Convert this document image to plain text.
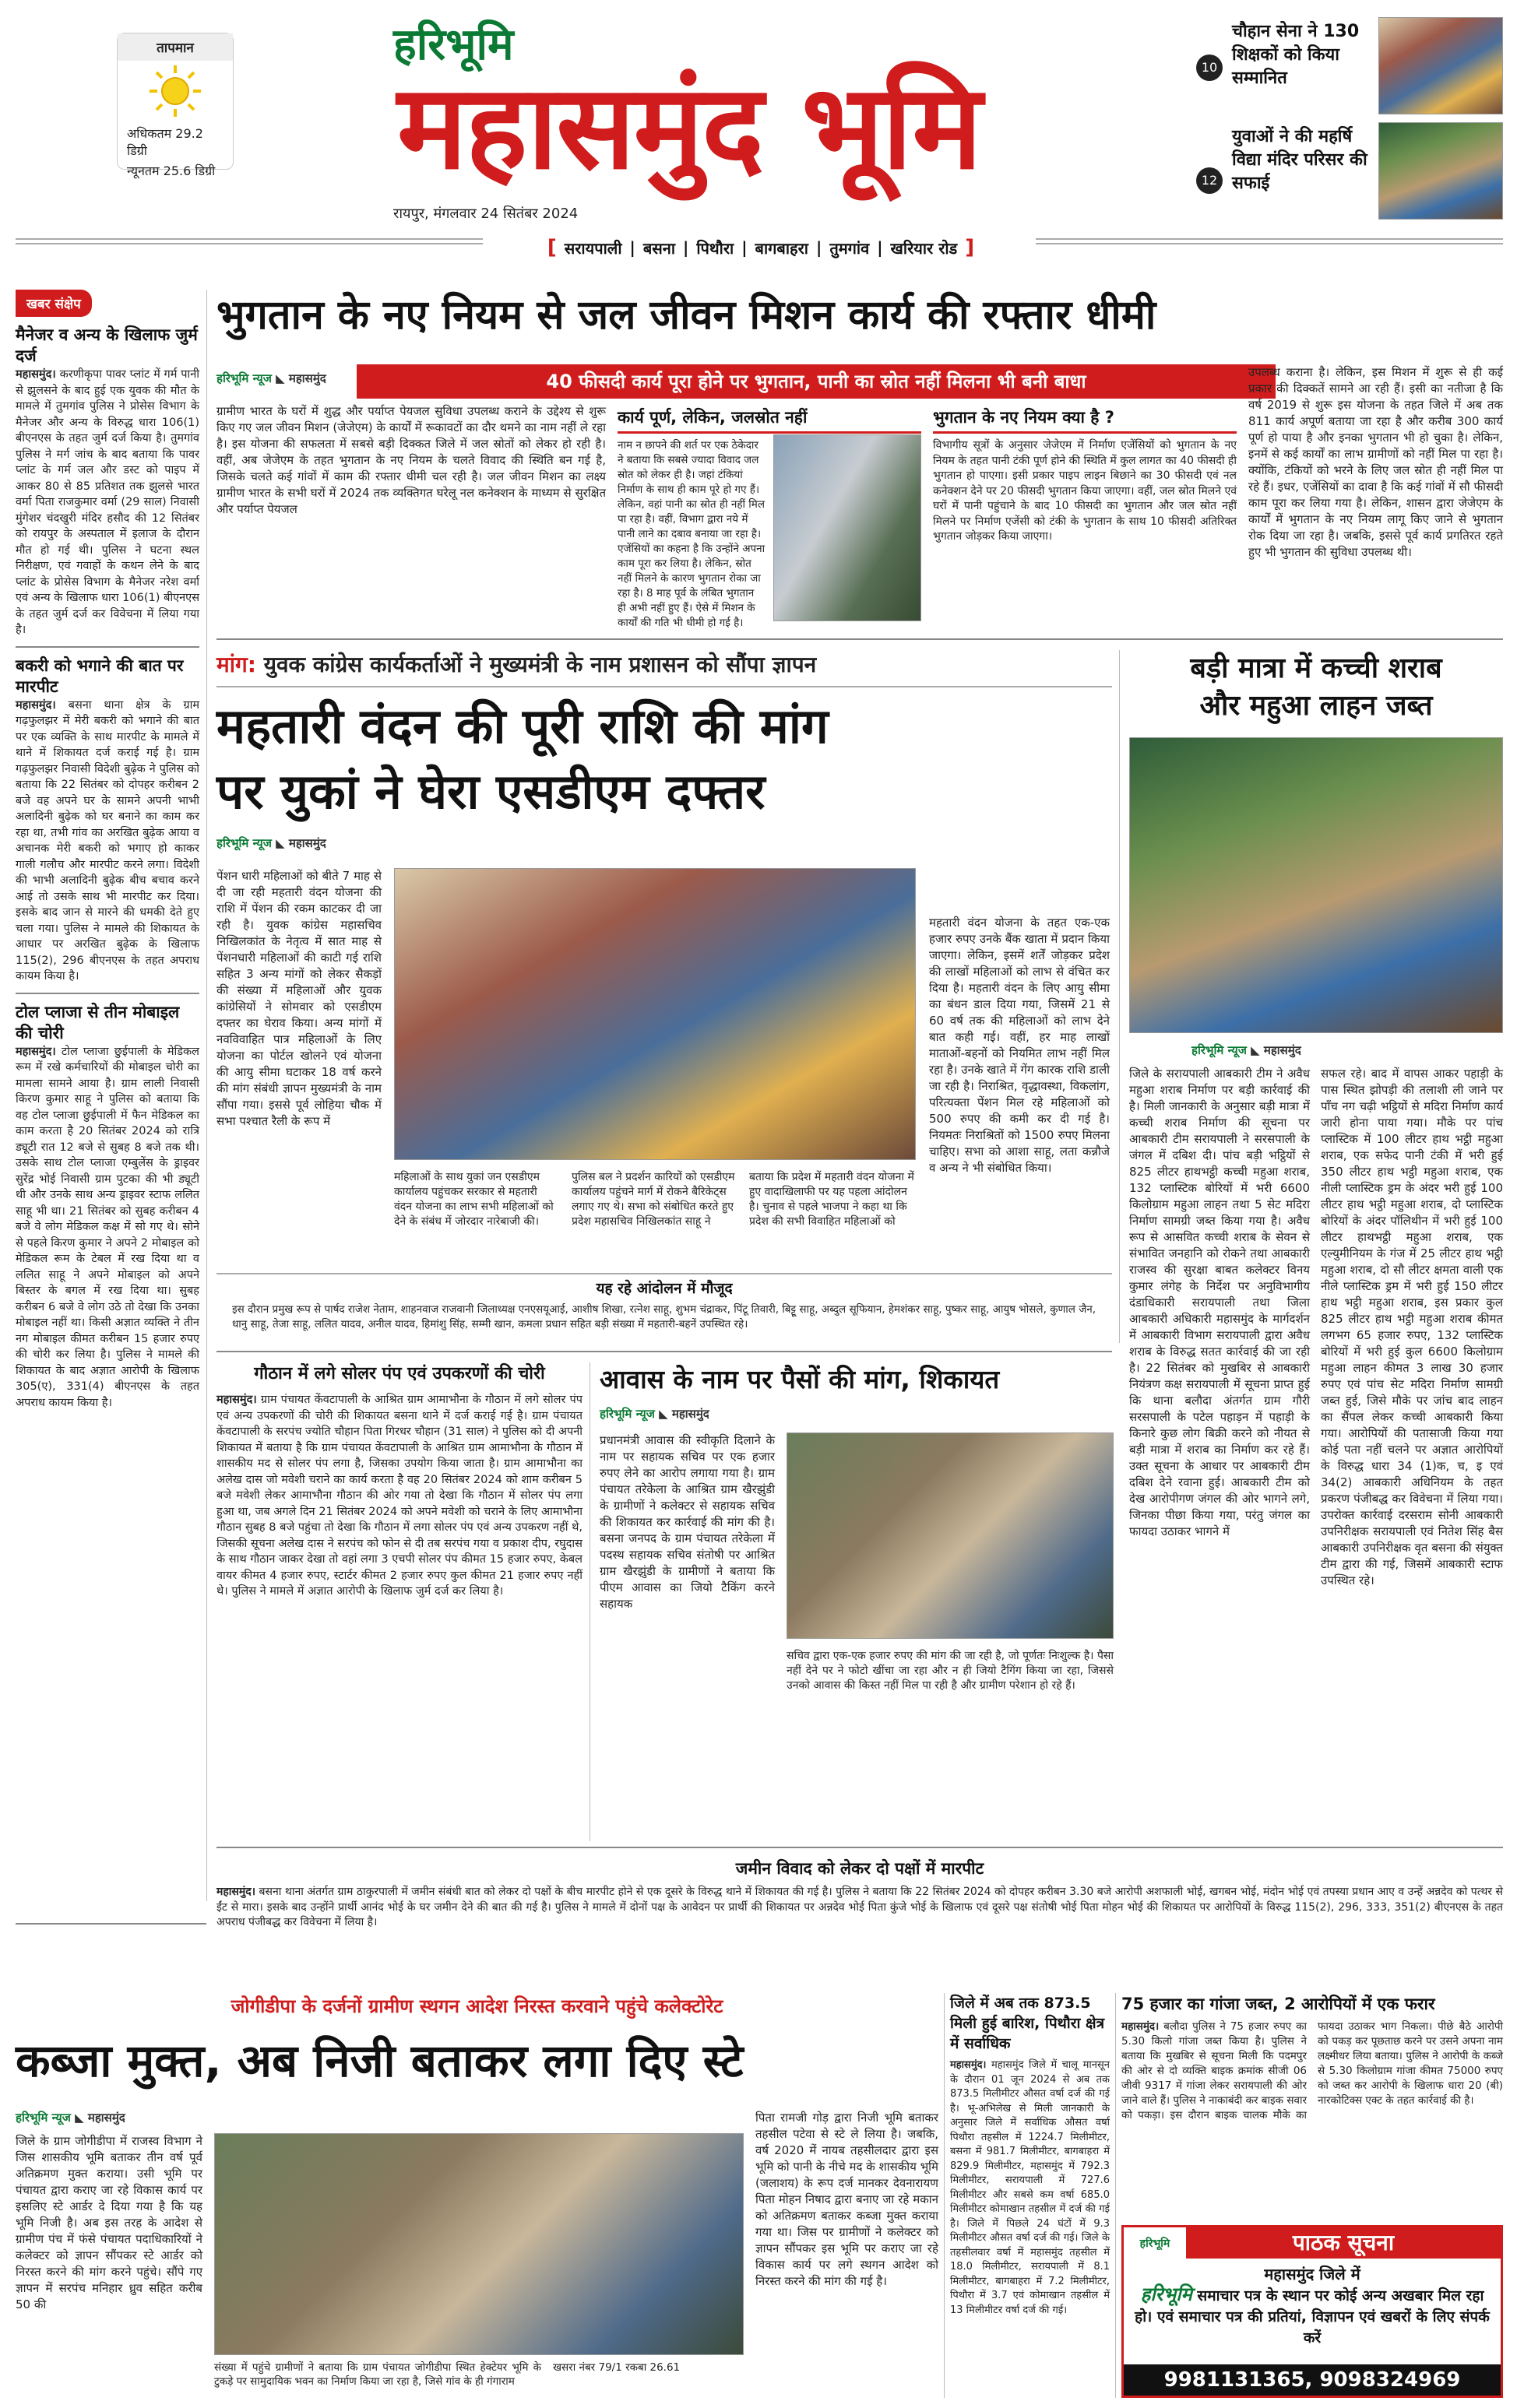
तापमान
अधिकतम 29.2 डिग्री
न्यूनतम 25.6 डिग्री
हरिभूमि
महासमुंद भूमि
रायपुर, मंगलवार 24 सितंबर 2024
10
चौहान सेना ने 130 शिक्षकों को किया सम्मानित
12
युवाओं ने की महर्षि विद्या मंदिर परिसर की सफाई
[ सरायपाली | बसना | पिथौरा | बागबाहरा | तुमगांव | खरियार रोड ]
खबर संक्षेप
मैनेजर व अन्य के खिलाफ जुर्म दर्ज
महासमुंद। करणीकृपा पावर प्लांट में गर्म पानी से झुलसने के बाद हुई एक युवक की मौत के मामले में तुमगांव पुलिस ने प्रोसेस विभाग के मैनेजर और अन्य के विरुद्ध धारा 106(1) बीएनएस के तहत जुर्म दर्ज किया है। तुमगांव पुलिस ने मर्ग जांच के बाद बताया कि पावर प्लांट के गर्म जल और डस्ट को पाइप में आकर 80 से 85 प्रतिशत तक झुलसे भारत वर्मा पिता राजकुमार वर्मा (29 साल) निवासी मुंगेशर चंदखुरी मंदिर हसौद की 12 सितंबर को रायपुर के अस्पताल में इलाज के दौरान मौत हो गई थी। पुलिस ने घटना स्थल निरीक्षण, एवं गवाहों के कथन लेने के बाद प्लांट के प्रोसेस विभाग के मैनेजर नरेश वर्मा एवं अन्य के खिलाफ धारा 106(1) बीएनएस के तहत जुर्म दर्ज कर विवेचना में लिया गया है।
बकरी को भगाने की बात पर मारपीट
महासमुंद। बसना थाना क्षेत्र के ग्राम गढ़फुलझर में मेरी बकरी को भगाने की बात पर एक व्यक्ति के साथ मारपीट के मामले में थाने में शिकायत दर्ज कराई गई है। ग्राम गढ़फुलझर निवासी विदेशी बुढ़ेक ने पुलिस को बताया कि 22 सितंबर को दोपहर करीबन 2 बजे वह अपने घर के सामने अपनी भाभी अलादिनी बुढ़ेक को घर बनाने का काम कर रहा था, तभी गांव का अरखित बुढ़ेक आया व अचानक मेरी बकरी को भगाए हो काकर गाली गलौच और मारपीट करने लगा। विदेशी की भाभी अलादिनी बुढ़ेक बीच बचाव करने आई तो उसके साथ भी मारपीट कर दिया। इसके बाद जान से मारने की धमकी देते हुए चला गया। पुलिस ने मामले की शिकायत के आधार पर अरखित बुढ़ेक के खिलाफ 115(2), 296 बीएनएस के तहत अपराध कायम किया है।
टोल प्लाजा से तीन मोबाइल की चोरी
महासमुंद। टोल प्लाजा छुईपाली के मेडिकल रूम में रखे कर्मचारियों की मोबाइल चोरी का मामला सामने आया है। ग्राम लाली निवासी किरण कुमार साहू ने पुलिस को बताया कि वह टोल प्लाजा छुईपाली में फैन मेडिकल का काम करता है 20 सितंबर 2024 को रात्रि ड्यूटी रात 12 बजे से सुबह 8 बजे तक थी। उसके साथ टोल प्लाजा एम्बुलेंस के ड्राइवर सुरेंद्र भोई निवासी ग्राम पुटका की भी ड्यूटी थी और उनके साथ अन्य ड्राइवर स्टाफ ललित साहू भी था। 21 सितंबर को सुबह करीबन 4 बजे वे लोग मेडिकल कक्ष में सो गए थे। सोने से पहले किरण कुमार ने अपने 2 मोबाइल को मेडिकल रूम के टेबल में रख दिया था व ललित साहू ने अपने मोबाइल को अपने बिस्तर के बगल में रख दिया था। सुबह करीबन 6 बजे वे लोग उठे तो देखा कि उनका मोबाइल नहीं था। किसी अज्ञात व्यक्ति ने तीन नग मोबाइल कीमत करीबन 15 हजार रुपए की चोरी कर लिया है। पुलिस ने मामले की शिकायत के बाद अज्ञात आरोपी के खिलाफ 305(ए), 331(4) बीएनएस के तहत अपराध कायम किया है।
भुगतान के नए नियम से जल जीवन मिशन कार्य की रफ्तार धीमी
40 फीसदी कार्य पूरा होने पर भुगतान, पानी का स्रोत नहीं मिलना भी बनी बाधा
हरिभूमि न्यूज ◣ महासमुंद
ग्रामीण भारत के घरों में शुद्ध और पर्याप्त पेयजल सुविधा उपलब्ध कराने के उद्देश्य से शुरू किए गए जल जीवन मिशन (जेजेएम) के कार्यों में रूकावटों का दौर थमने का नाम नहीं ले रहा है। इस योजना की सफलता में सबसे बड़ी दिक्कत जिले में जल स्रोतों को लेकर हो रही है। वहीं, अब जेजेएम के तहत भुगतान के नए नियम के चलते विवाद की स्थिति बन गई है, जिसके चलते कई गांवों में काम की रफ्तार धीमी चल रही है। जल जीवन मिशन का लक्ष्य ग्रामीण भारत के सभी घरों में 2024 तक व्यक्तिगत घरेलू नल कनेक्शन के माध्यम से सुरक्षित और पर्याप्त पेयजल
कार्य पूर्ण, लेकिन, जलस्रोत नहीं
नाम न छापने की शर्त पर एक ठेकेदार ने बताया कि सबसे ज्यादा विवाद जल स्रोत को लेकर ही है। जहां टंकियां निर्माण के साथ ही काम पूरे हो गए हैं। लेकिन, वहां पानी का स्रोत ही नहीं मिल पा रहा है। वहीं, विभाग द्वारा नये में पानी लाने का दबाव बनाया जा रहा है। एजेंसियों का कहना है कि उन्होंने अपना काम पूरा कर लिया है। लेकिन, स्रोत नहीं मिलने के कारण भुगतान रोका जा रहा है। 8 माह पूर्व के लंबित भुगतान ही अभी नहीं हुए हैं। ऐसे में मिशन के कार्यों की गति भी धीमी हो गई है।
भुगतान के नए नियम क्या है ?
विभागीय सूत्रों के अनुसार जेजेएम में निर्माण एजेंसियों को भुगतान के नए नियम के तहत पानी टंकी पूर्ण होने की स्थिति में कुल लागत का 40 फीसदी ही भुगतान हो पाएगा। इसी प्रकार पाइप लाइन बिछाने का 30 फीसदी एवं नल कनेक्शन देने पर 20 फीसदी भुगतान किया जाएगा। वहीं, जल स्रोत मिलने एवं घरों में पानी पहुंचाने के बाद 10 फीसदी का भुगतान और जल स्रोत नहीं मिलने पर निर्माण एजेंसी को टंकी के भुगतान के साथ 10 फीसदी अतिरिक्त भुगतान जोड़कर किया जाएगा।
उपलब्ध कराना है। लेकिन, इस मिशन में शुरू से ही कई प्रकार की दिक्कतें सामने आ रही हैं। इसी का नतीजा है कि वर्ष 2019 से शुरू इस योजना के तहत जिले में अब तक 811 कार्य अपूर्ण बताया जा रहा है और करीब 300 कार्य पूर्ण हो पाया है और इनका भुगतान भी हो चुका है। लेकिन, इनमें से कई कार्यों का लाभ ग्रामीणों को नहीं मिल पा रहा है। क्योंकि, टंकियों को भरने के लिए जल स्रोत ही नहीं मिल पा रहे हैं। इधर, एजेंसियों का दावा है कि कई गांवों में सौ फीसदी काम पूरा कर लिया गया है। लेकिन, शासन द्वारा जेजेएम के कार्यों में भुगतान के नए नियम लागू किए जाने से भुगतान रोक दिया जा रहा है। जबकि, इससे पूर्व कार्य प्रगतिरत रहते हुए भी भुगतान की सुविधा उपलब्ध थी।
मांग: युवक कांग्रेस कार्यकर्ताओं ने मुख्यमंत्री के नाम प्रशासन को सौंपा ज्ञापन
महतारी वंदन की पूरी राशि की मांग
पर युकां ने घेरा एसडीएम दफ्तर
हरिभूमि न्यूज ◣ महासमुंद
पेंशन धारी महिलाओं को बीते 7 माह से दी जा रही महतारी वंदन योजना की राशि में पेंशन की रकम काटकर दी जा रही है। युवक कांग्रेस महासचिव निखिलकांत के नेतृत्व में सात माह से पेंशनधारी महिलाओं की काटी गई राशि सहित 3 अन्य मांगों को लेकर सैकड़ों की संख्या में महिलाओं और युवक कांग्रेसियों ने सोमवार को एसडीएम दफ्तर का घेराव किया। अन्य मांगों में नवविवाहित पात्र महिलाओं के लिए योजना का पोर्टल खोलने एवं योजना की आयु सीमा घटाकर 18 वर्ष करने की मांग संबंधी ज्ञापन मुख्यमंत्री के नाम सौंपा गया। इससे पूर्व लोहिया चौक में सभा पश्चात रैली के रूप में
महिलाओं के साथ युकां जन एसडीएम कार्यालय पहुंचकर सरकार से महतारी वंदन योजना का लाभ सभी महिलाओं को देने के संबंध में जोरदार नारेबाजी की।
पुलिस बल ने प्रदर्शन कारियों को एसडीएम कार्यालय पहुंचने मार्ग में रोकने बैरिकेट्स लगाए गए थे। सभा को संबोधित करते हुए प्रदेश महासचिव निखिलकांत साहू ने
बताया कि प्रदेश में महतारी वंदन योजना में हुए वादाखिलाफी पर यह पहला आंदोलन है। चुनाव से पहले भाजपा ने कहा था कि प्रदेश की सभी विवाहित महिलाओं को
महतारी वंदन योजना के तहत एक-एक हजार रुपए उनके बैंक खाता में प्रदान किया जाएगा। लेकिन, इसमें शर्तें जोड़कर प्रदेश की लाखों महिलाओं को लाभ से वंचित कर दिया है। महतारी वंदन के लिए आयु सीमा का बंधन डाल दिया गया, जिसमें 21 से 60 वर्ष तक की महिलाओं को लाभ देने बात कही गई। वहीं, हर माह लाखों माताओं-बहनों को नियमित लाभ नहीं मिल रहा है। उनके खाते में गेंग कारक राशि डाली जा रही है। निराश्रित, वृद्धावस्था, विकलांग, परित्यक्ता पेंशन मिल रहे महिलाओं को 500 रुपए की कमी कर दी गई है। नियमतः निराश्रितों को 1500 रुपए मिलना चाहिए। सभा को आशा साहू, लता कन्नौजे व अन्य ने भी संबोधित किया।
यह रहे आंदोलन में मौजूद
इस दौरान प्रमुख रूप से पार्षद राजेश नेताम, शाहनवाज राजवानी जिलाध्यक्ष एनएसयूआई, आशीष शिखा, रत्नेश साहू, शुभम चंद्राकर, पिंटू तिवारी, बिट्टू साहू, अब्दुल सूफियान, हेमशंकर साहू, पुष्कर साहू, आयुष भोसले, कुणाल जैन, धानु साहू, तेजा साहू, ललित यादव, अनील यादव, हिमांशु सिंह, सम्मी खान, कमला प्रधान सहित बड़ी संख्या में महतारी-बहनें उपस्थित रहे।
बड़ी मात्रा में कच्ची शराब
और महुआ लाहन जब्त
हरिभूमि न्यूज ◣ महासमुंद
जिले के सरायपाली आबकारी टीम ने अवैध महुआ शराब निर्माण पर बड़ी कार्रवाई की है। मिली जानकारी के अनुसार बड़ी मात्रा में कच्ची शराब निर्माण की सूचना पर आबकारी टीम सरायपाली ने सरसपाली के जंगल में दबिश दी। पांच बड़ी भट्ठियों से 825 लीटर हाथभट्ठी कच्ची महुआ शराब, 132 प्लास्टिक बोरियों में भरी 6600 किलोग्राम महुआ लाहन तथा 5 सेट मदिरा निर्माण सामग्री जब्त किया गया है। अवैध रूप से आसवित कच्ची शराब के सेवन से संभावित जनहानि को रोकने तथा आबकारी राजस्व की सुरक्षा बाबत कलेक्टर विनय कुमार लंगेह के निर्देश पर अनुविभागीय दंडाधिकारी सरायपाली तथा जिला आबकारी अधिकारी महासमुंद के मार्गदर्शन में आबकारी विभाग सरायपाली द्वारा अवैध शराब के विरुद्ध सतत कार्रवाई की जा रही है। 22 सितंबर को मुखबिर से आबकारी नियंत्रण कक्ष सरायपाली में सूचना प्राप्त हुई कि थाना बलौदा अंतर्गत ग्राम गौरी सरसपाली के पटेल पहाड़न में पहाड़ी के किनारे कुछ लोग बिक्री करने को नीयत से बड़ी मात्रा में शराब का निर्माण कर रहे हैं। उक्त सूचना के आधार पर आबकारी टीम दबिश देने रवाना हुई। आबकारी टीम को देख आरोपीगण जंगल की ओर भागने लगे, जिनका पीछा किया गया, परंतु जंगल का फायदा उठाकर भागने में
सफल रहे। बाद में वापस आकर पहाड़ी के पास स्थित झोपड़ी की तलाशी ली जाने पर पाँच नग चढ़ी भट्ठियों से मदिरा निर्माण कार्य जारी होना पाया गया। मौके पर पांच प्लास्टिक में 100 लीटर हाथ भट्ठी महुआ शराब, एक सफेद पानी टंकी में भरी हुई 350 लीटर हाथ भट्ठी महुआ शराब, एक नीली प्लास्टिक ड्रम के अंदर भरी हुई 100 लीटर हाथ भट्ठी महुआ शराब, दो प्लास्टिक बोरियों के अंदर पॉलिथीन में भरी हुई 100 लीटर हाथभट्ठी महुआ शराब, एक एल्युमीनियम के गंज में 25 लीटर हाथ भट्ठी महुआ शराब, दो सौ लीटर क्षमता वाली एक नीले प्लास्टिक ड्रम में भरी हुई 150 लीटर हाथ भट्ठी महुआ शराब, इस प्रकार कुल 825 लीटर हाथ भट्ठी महुआ शराब कीमत लगभग 65 हजार रुपए, 132 प्लास्टिक बोरियों में भरी हुई कुल 6600 किलोग्राम महुआ लाहन कीमत 3 लाख 30 हजार रुपए एवं पांच सेट मदिरा निर्माण सामग्री जब्त हुई, जिसे मौके पर जांच बाद लाहन का सैंपल लेकर कच्ची आबकारी किया गया। आरोपियों की पतासाजी किया गया कोई पता नहीं चलने पर अज्ञात आरोपियों के विरुद्ध धारा 34 (1)क, च, इ एवं 34(2) आबकारी अधिनियम के तहत प्रकरण पंजीबद्ध कर विवेचना में लिया गया। उपरोक्त कार्रवाई दरसराम सोनी आबकारी उपनिरीक्षक सरायपाली एवं नितेश सिंह बैस आबकारी उपनिरीक्षक वृत बसना की संयुक्त टीम द्वारा की गई, जिसमें आबकारी स्टाफ उपस्थित रहे।
गौठान में लगे सोलर पंप एवं उपकरणों की चोरी
महासमुंद। ग्राम पंचायत केंवटापाली के आश्रित ग्राम आमाभौना के गौठान में लगे सोलर पंप एवं अन्य उपकरणों की चोरी की शिकायत बसना थाने में दर्ज कराई गई है। ग्राम पंचायत केंवटापाली के सरपंच ज्योति चौहान पिता गिरधर चौहान (31 साल) ने पुलिस को दी अपनी शिकायत में बताया है कि ग्राम पंचायत केंवटापाली के आश्रित ग्राम आमाभौना के गौठान में शासकीय मद से सोलर पंप लगा है, जिसका उपयोग किया जाता है। ग्राम आमाभौना का अलेख दास जो मवेशी चराने का कार्य करता है वह 20 सितंबर 2024 को शाम करीबन 5 बजे मवेशी लेकर आमाभौना गौठान की ओर गया तो देखा कि गौठान में सोलर पंप लगा हुआ था, जब अगले दिन 21 सितंबर 2024 को अपने मवेशी को चराने के लिए आमाभौना गौठान सुबह 8 बजे पहुंचा तो देखा कि गौठान में लगा सोलर पंप एवं अन्य उपकरण नहीं थे, जिसकी सूचना अलेख दास ने सरपंच को फोन से दी तब सरपंच गया व प्रकाश दीप, रघुदास के साथ गौठान जाकर देखा तो वहां लगा 3 एचपी सोलर पंप कीमत 15 हजार रुपए, केबल वायर कीमत 4 हजार रुपए, स्टार्टर कीमत 2 हजार रुपए कुल कीमत 21 हजार रुपए नहीं थे। पुलिस ने मामले में अज्ञात आरोपी के खिलाफ जुर्म दर्ज कर लिया है।
आवास के नाम पर पैसों की मांग, शिकायत
हरिभूमि न्यूज ◣ महासमुंद
प्रधानमंत्री आवास की स्वीकृति दिलाने के नाम पर सहायक सचिव पर एक हजार रुपए लेने का आरोप लगाया गया है। ग्राम पंचायत तरेकेला के आश्रित ग्राम खैरझुंडी के ग्रामीणों ने कलेक्टर से सहायक सचिव की शिकायत कर कार्रवाई की मांग की है। बसना जनपद के ग्राम पंचायत तरेकेला में पदस्थ सहायक सचिव संतोषी पर आश्रित ग्राम खैरझुंडी के ग्रामीणों ने बताया कि पीएम आवास का जियो टैकिंग करने सहायक
सचिव द्वारा एक-एक हजार रुपए की मांग की जा रही है, जो पूर्णतः निःशुल्क है। पैसा नहीं देने पर ने फोटो खींचा जा रहा और न ही जियो टैगिंग किया जा रहा, जिससे उनको आवास की किस्त नहीं मिल पा रही है और ग्रामीण परेशान हो रहे हैं।
जमीन विवाद को लेकर दो पक्षों में मारपीट
महासमुंद। बसना थाना अंतर्गत ग्राम ठाकुरपाली में जमीन संबंधी बात को लेकर दो पक्षों के बीच मारपीट होने से एक दूसरे के विरुद्ध थाने में शिकायत की गई है। पुलिस ने बताया कि 22 सितंबर 2024 को दोपहर करीबन 3.30 बजे आरोपी अशफाली भोई, खगबन भोई, मंदोन भोई एवं तपस्या प्रधान आए व उन्हें अन्नदेव को पत्थर से ईंट से मारा। इसके बाद उन्होंने प्रार्थी आनंद भोई के घर जमीन देने की बात की गई है। पुलिस ने मामले में दोनों पक्ष के आवेदन पर प्रार्थी की शिकायत पर अन्नदेव भोई पिता कुंजे भोई के खिलाफ एवं दूसरे पक्ष संतोषी भोई पिता मोहन भोई की शिकायत पर आरोपियों के विरुद्ध 115(2), 296, 333, 351(2) बीएनएस के तहत अपराध पंजीबद्ध कर विवेचना में लिया है।
75 हजार का गांजा जब्त, 2 आरोपियों में एक फरार
महासमुंद। बलौदा पुलिस ने 75 हजार रुपए का 5.30 किलो गांजा जब्त किया है। पुलिस ने बताया कि मुखबिर से सूचना मिली कि पदमपुर की ओर से दो व्यक्ति बाइक क्रमांक सीजी 06 जीवी 9317 में गांजा लेकर सरायपाली की ओर जाने वाले हैं। पुलिस ने नाकाबंदी कर बाइक सवार को पकड़ा। इस दौरान बाइक चालक मौके का फायदा उठाकर भाग निकला। पीछे बैठे आरोपी को पकड़ कर पूछताछ करने पर उसने अपना नाम लक्ष्मीधर लिया बताया। पुलिस ने आरोपी के कब्जे से 5.30 किलोग्राम गांजा कीमत 75000 रुपए को जब्त कर आरोपी के खिलाफ धारा 20 (बी) नारकोटिक्स एक्ट के तहत कार्रवाई की है।
जिले में अब तक 873.5 मिली हुई बारिश, पिथौरा क्षेत्र में सर्वाधिक
महासमुंद। महासमुंद जिले में चालू मानसून के दौरान 01 जून 2024 से अब तक 873.5 मिलीमीटर औसत वर्षा दर्ज की गई है। भू-अभिलेख से मिली जानकारी के अनुसार जिले में सर्वाधिक औसत वर्षा पिथौरा तहसील में 1224.7 मिलीमीटर, बसना में 981.7 मिलीमीटर, बागबाहरा में 829.9 मिलीमीटर, महासमुंद में 792.3 मिलीमीटर, सरायपाली में 727.6 मिलीमीटर और सबसे कम वर्षा 685.0 मिलीमीटर कोमाखान तहसील में दर्ज की गई है। जिले में पिछले 24 घंटों में 9.3 मिलीमीटर औसत वर्षा दर्ज की गई। जिले के तहसीलवार वर्षा में महासमुंद तहसील में 18.0 मिलीमीटर, सरायपाली में 8.1 मिलीमीटर, बागबाहरा में 7.2 मिलीमीटर, पिथौरा में 3.7 एवं कोमाखान तहसील में 13 मिलीमीटर वर्षा दर्ज की गई।
जोगीडीपा के दर्जनों ग्रामीण स्थगन आदेश निरस्त करवाने पहुंचे कलेक्टोरेट
कब्जा मुक्त, अब निजी बताकर लगा दिए स्टे
हरिभूमि न्यूज ◣ महासमुंद
जिले के ग्राम जोगीडीपा में राजस्व विभाग ने जिस शासकीय भूमि बताकर तीन वर्ष पूर्व अतिक्रमण मुक्त कराया। उसी भूमि पर पंचायत द्वारा कराए जा रहे विकास कार्य पर इसलिए स्टे आर्डर दे दिया गया है कि यह भूमि निजी है। अब इस तरह के आदेश से ग्रामीण पंच में फंसे पंचायत पदाधिकारियों ने कलेक्टर को ज्ञापन सौंपकर स्टे आर्डर को निरस्त करने की मांग करने पहुंचे। सौंपे गए ज्ञापन में सरपंच मनिहार ध्रुव सहित करीब 50 की
संख्या में पहुंचे ग्रामीणों ने बताया कि ग्राम पंचायत जोगीडीपा स्थित हेक्टेयर भूमि के टुकड़े पर सामुदायिक भवन का निर्माण किया जा रहा है, जिसे गांव के ही गंगाराम
खसरा नंबर 79/1 रकबा 26.61
पिता रामजी गोड़ द्वारा निजी भूमि बताकर तहसील पटेवा से स्टे ले लिया है। जबकि, वर्ष 2020 में नायब तहसीलदार द्वारा इस भूमि को पानी के नीचे मद के शासकीय भूमि (जलाशय) के रूप दर्ज मानकर देवनारायण पिता मोहन निषाद द्वारा बनाए जा रहे मकान को अतिक्रमण बताकर कब्जा मुक्त कराया गया था। जिस पर ग्रामीणों ने कलेक्टर को ज्ञापन सौंपकर इस भूमि पर कराए जा रहे विकास कार्य पर लगे स्थगन आदेश को निरस्त करने की मांग की गई है।
हरिभूमि	पाठक सूचना
महासमुंद जिले में
हरिभूमि समाचार पत्र के स्थान पर कोई अन्य अखबार मिल रहा हो। एवं समाचार पत्र की प्रतियां, विज्ञापन एवं खबरों के लिए संपर्क करें
9981131365, 9098324969
